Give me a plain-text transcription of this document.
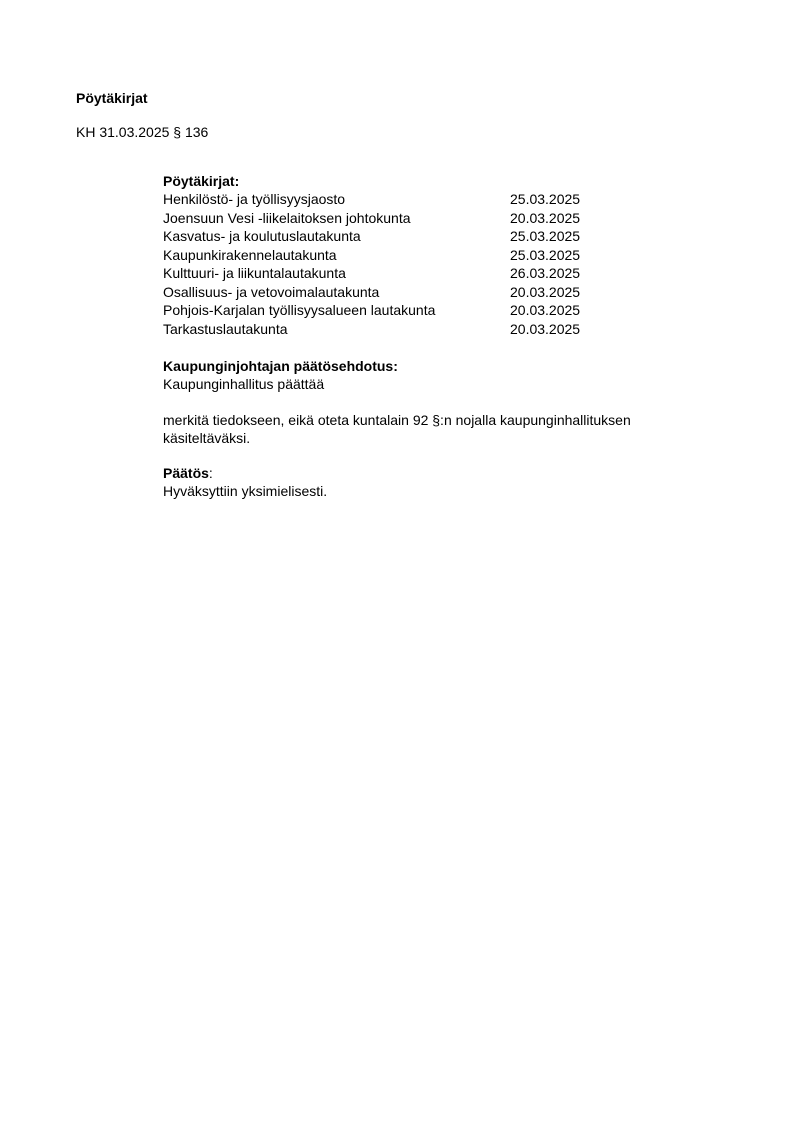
Pöytäkirjat

KH 31.03.2025 § 136

Pöytäkirjat:

Henkilöstö- ja työllisyysjaosto	25.03.2025
Joensuun Vesi -liikelaitoksen johtokunta	20.03.2025
Kasvatus- ja koulutuslautakunta	25.03.2025
Kaupunkirakennelautakunta	25.03.2025
Kulttuuri- ja liikuntalautakunta	26.03.2025
Osallisuus- ja vetovoimalautakunta	20.03.2025
Pohjois-Karjalan työllisyysalueen lautakunta	20.03.2025
Tarkastuslautakunta	20.03.2025

Kaupunginjohtajan päätösehdotus:

Kaupunginhallitus päättää

merkitä tiedokseen, eikä oteta kuntalain 92 §:n nojalla kaupunginhallituksen käsiteltäväksi.

Päätös:

Hyväksyttiin yksimielisesti.
